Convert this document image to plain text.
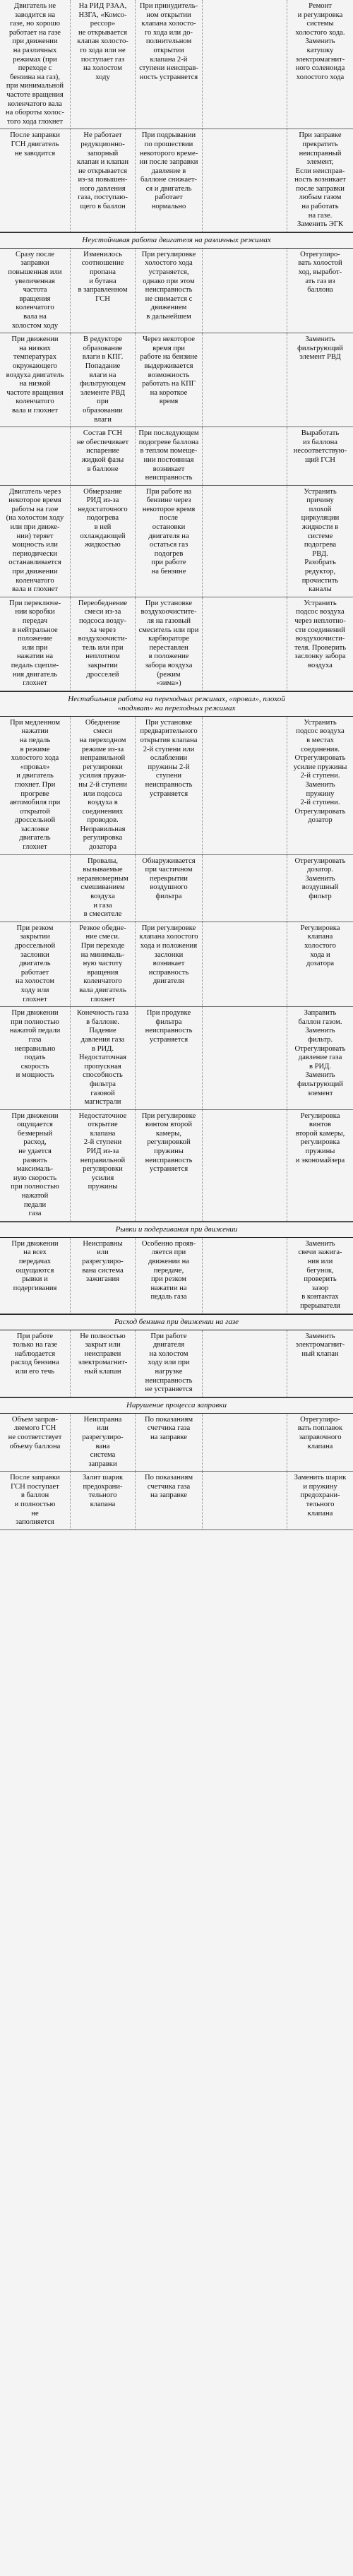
Двигатель не
заводится на
газе, но хорошо
работает на газе
при движении
на различных
режимах (при
переходе с
бензина на газ),
при минимальной
частоте вращения
коленчатого вала
на обороты холос-
того хода глохнет
На РИД РЗАА,
НЗГА, «Комсо-
рессор»
не открывается
клапан холосто-
го хода или не
поступает газ
на холостом
ходу
При принудитель-
ном открытии
клапана холосто-
го хода или до-
полнительном
открытии
клапана 2-й
ступени неисправ-
ность устраняется
Ремонт
и регулировка
системы
холостого хода.
Заменить
катушку
электромагнит-
ного соленоида
холостого хода
После заправки
ГСН двигатель
не заводится
Не работает
редукционно-
запорный
клапан и клапан
не открывается
из-за повышен-
ного давления
газа, поступаю-
щего в баллон
При подрывании
по прошествии
некоторого време-
ни после заправки
давление в
баллоне снижает-
ся и двигатель
работает
нормально
При заправке
прекратить
неисправный элемент,
Если неисправ-
ность возникает
после заправки
любым газом
на работать
на газе.
Заменить ЭГК
Неустойчивая работа двигателя на различных режимах
Сразу после
заправки
повышенная или
увеличенная
частота
вращения
коленчатого
вала на
холостом ходу
Изменилось
соотношение
пропана
и бутана
в заправленном
ГСН
При регулировке
холостого хода
устраняется,
однако при этом
неисправность
не снимается с
движением
в дальнейшем
Отрегулиро-
вать холостой
ход, выработ-
ать газ из
баллона
При движении
на низких
температурах
окружающего
воздуха двигатель
на низкой
частоте вращения
коленчатого
вала и глохнет
В редукторе
образование
влаги в КПГ.
Попадание
влаги на
фильтрующем
элементе РВД
при
образовании
влаги
Через некоторое
время при
работе на бензине
выдерживается
возможность
работать на КПГ
на короткое
время
Заменить
фильтрующий
элемент РВД
Состав ГСН
не обеспечивает
испарение
жидкой фазы
в баллоне
При последующем
подогреве баллона
в теплом помеще-
нии постоянная
возникает
неисправность
Выработать
из баллона
несоответствую-
щий ГСН
Двигатель через
некоторое время
работы на газе
(на холостом ходу
или при движе-
нии) теряет
мощность или
периодически
останавливается
при движении
коленчатого
вала и глохнет
Обмерзание
РИД из-за
недостаточного
подогрева
в ней
охлаждающей
жидкостью
При работе на
бензине через
некоторое время
после
остановки
двигателя на
остаться газ
подогрев
при работе
на бензине
Устранить
причину
плохой
циркуляции
жидкости в
системе
подогрева
РВД.
Разобрать
редуктор,
прочистить
каналы
При переключе-
нии коробки
передач
в нейтральное
положение
или при
нажатии на
педаль сцепле-
ния двигатель
глохнет
Переобеднение
смеси из-за
подсоса возду-
ха через
воздухоочисти-
тель или при
неплотном
закрытии
дросселей
При установке
воздухоочистите-
ля на газовый
смеситель или при
карбюраторе
переставлен
в положение
забора воздуха
(режим
«зима»)
Устранить
подсос воздуха
через неплотно-
сти соединений
воздухоочисти-
теля. Проверить
заслонку забора
воздуха
Нестабильная работа на переходных режимах, «провал», плохой
«подхват» на переходных режимах
При медленном
нажатии
на педаль
в режиме
холостого хода
«провал»
и двигатель
глохнет. При
прогреве
автомобиля при
открытой
дроссельной
заслонке
двигатель
глохнет
Обеднение
смеси
на переходном
режиме из-за
неправильной
регулировки
усилия пружи-
ны 2-й ступени
или подсоса
воздуха в
соединениях
проводов.
Неправильная
регулировка
дозатора
При установке
предварительного
открытия клапана
2-й ступени или
ослаблении
пружины 2-й
ступени
неисправность
устраняется
Устранить
подсос воздуха
в местах
соединения.
Отрегулировать
усилие пружины
2-й ступени.
Заменить
пружину
2-й ступени.
Отрегулировать
дозатор
Провалы,
вызываемые
неравномерным
смешиванием
воздуха
и газа
в смесителе
Обнаруживается
при частичном
перекрытии
воздушного
фильтра
Отрегулировать
дозатор.
Заменить
воздушный
фильтр
При резком
закрытии
дроссельной
заслонки
двигатель
работает
на холостом
ходу или
глохнет
Резкое обедне-
ние смеси.
При переходе
на минималь-
ную частоту
вращения
коленчатого
вала двигатель
глохнет
При регулировке
клапана холостого
хода и положения
заслонки
возникает
исправность
двигателя
Регулировка
клапана
холостого
хода и
дозатора
При движении
при полностью
нажатой педали
газа
неправильно
подать
скорость
и мощность
Конечность газа
в баллоне.
Падение
давления газа
в РИД.
Недостаточная
пропускная
способность
фильтра
газовой
магистрали
При продувке
фильтра
неисправность
устраняется
Заправить
баллон газом.
Заменить
фильтр.
Отрегулировать
давление газа
в РИД.
Заменить
фильтрующий
элемент
При движении
ощущается
безмерный
расход,
не удается
развить
максималь-
ную скорость
при полностью
нажатой
педали
газа
Недостаточное
открытие
клапана
2-й ступени
РИД из-за
неправильной
регулировки
усилия
пружины
При регулировке
винтом второй
камеры,
регулировкой
пружины
неисправность
устраняется
Регулировка
винтов
второй камеры,
регулировка
пружины
и экономайзера
Рывки и подергивания при движении
При движении
на всех
передачах
ощущаются
рывки и
подергивания
Неисправны
или
разрегулиро-
вана система
зажигания
Особенно прояв-
ляется при
движении на
передаче,
при резком
нажатии на
педаль газа
Заменить
свечи зажига-
ния или
бегунок,
проверить
зазор
в контактах
прерывателя
Расход бензина при движении на газе
При работе
только на газе
наблюдается
расход бензина
или его течь
Не полностью
закрыт или
неисправен
электромагнит-
ный клапан
При работе
двигателя
на холостом
ходу или при
нагрузке
неисправность
не устраняется
Заменить
электромагнит-
ный клапан
Нарушение процесса заправки
Объем заправ-
ляемого ГСН
не соответствует
объему баллона
Неисправна
или
разрегулиро-
вана
система
заправки
По показаниям
счетчика газа
на заправке
Отрегулиро-
вать поплавок
заправочного
клапана
После заправки
ГСН поступает
в баллон
и полностью
не
заполняется
Залит шарик
предохрани-
тельного
клапана
По показаниям
счетчика газа
на заправке
Заменить шарик
и пружину
предохрани-
тельного
клапана
